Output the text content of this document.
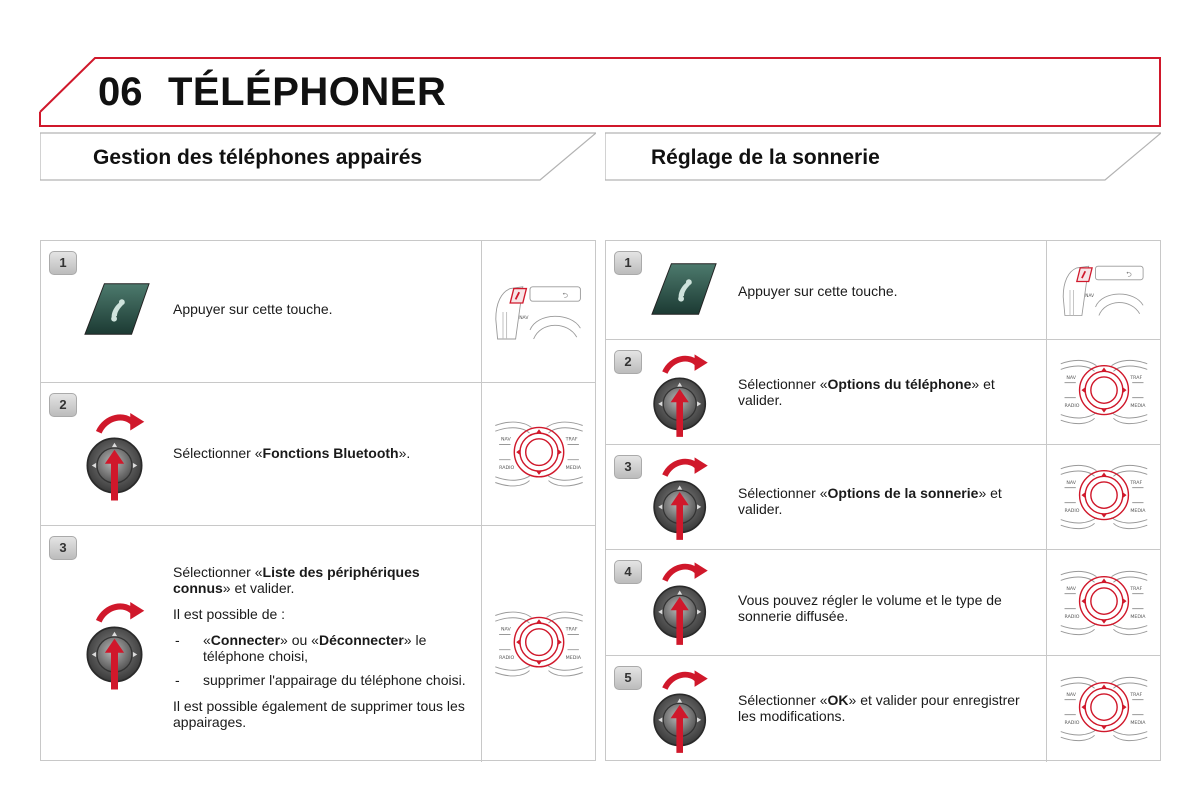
06 TÉLÉPHONER
Gestion des téléphones appairés	Réglage de la sonnerie
1
Appuyer sur cette touche.
2
Sélectionner «Fonctions Bluetooth».
NAV	TRAF
RADIO	MEDIA
3

Sélectionner «Liste des périphériques connus» et valider.

Il est possible de :

- «Connecter» ou «Déconnecter» le téléphone choisi,
- supprimer l'appairage du téléphone choisi.

Il est possible également de supprimer tous les appairages.

NAV	TRAF
RADIO	MEDIA
1
Appuyer sur cette touche.
2
Sélectionner «Options du téléphone» et valider.
NAV	TRAF
RADIO	MEDIA
3
Sélectionner «Options de la sonnerie» et valider.
NAV	TRAF
RADIO	MEDIA
4
Vous pouvez régler le volume et le type de sonnerie diffusée.
NAV	TRAF
RADIO	MEDIA
5
Sélectionner «OK» et valider pour enregistrer les modifications.
NAV	TRAF
RADIO	MEDIA
